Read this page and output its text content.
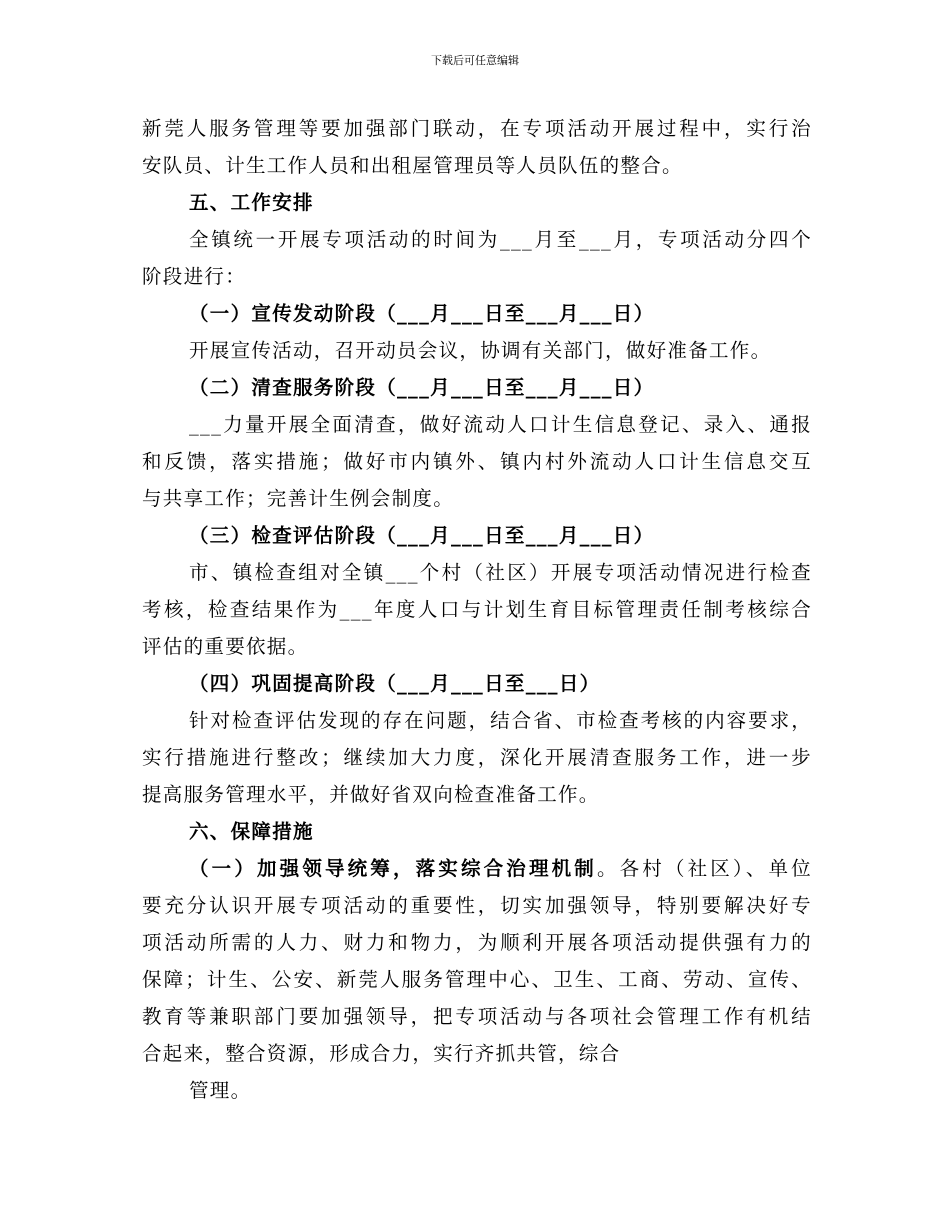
下载后可任意编辑
新莞人服务管理等要加强部门联动，在专项活动开展过程中，实行治
安队员、计生工作人员和出租屋管理员等人员队伍的整合。
五、工作安排
全镇统一开展专项活动的时间为___月至___月，专项活动分四个
阶段进行：
（一）宣传发动阶段（___月___日至___月___日）
开展宣传活动，召开动员会议，协调有关部门，做好准备工作。
（二）清查服务阶段（___月___日至___月___日）
___力量开展全面清查，做好流动人口计生信息登记、录入、通报
和反馈，落实措施；做好市内镇外、镇内村外流动人口计生信息交互
与共享工作；完善计生例会制度。
（三）检查评估阶段（___月___日至___月___日）
市、镇检查组对全镇___个村（社区）开展专项活动情况进行检查
考核，检查结果作为___年度人口与计划生育目标管理责任制考核综合
评估的重要依据。
（四）巩固提高阶段（___月___日至___日）
针对检查评估发现的存在问题，结合省、市检查考核的内容要求，
实行措施进行整改；继续加大力度，深化开展清查服务工作，进一步
提高服务管理水平，并做好省双向检查准备工作。
六、保障措施
（一）加强领导统筹，落实综合治理机制。各村（社区）、单位
要充分认识开展专项活动的重要性，切实加强领导，特别要解决好专
项活动所需的人力、财力和物力，为顺利开展各项活动提供强有力的
保障；计生、公安、新莞人服务管理中心、卫生、工商、劳动、宣传、
教育等兼职部门要加强领导，把专项活动与各项社会管理工作有机结
合起来，整合资源，形成合力，实行齐抓共管，综合
管理。
